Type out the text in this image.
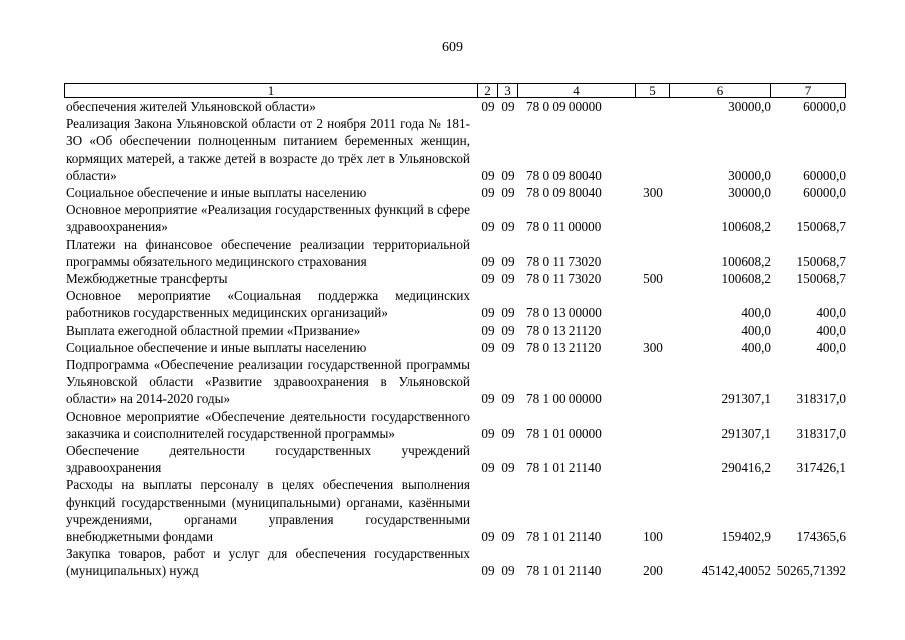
609
1	2	3	4	5	6	7
обеспечения жителей Ульяновской области»	09 09 78 0 09 00000	30000,0	60000,0
Реализация Закона Ульяновской области от 2 ноября 2011 года № 181-ЗО «Об обеспечении полноценным питанием беременных женщин, кормящих матерей, а также детей в возрасте до трёх лет в Ульяновской области»	09 09 78 0 09 80040	30000,0	60000,0
Социальное обеспечение и иные выплаты населению	09 09 78 0 09 80040	300	30000,0	60000,0
Основное мероприятие «Реализация государственных функций в сфере здравоохранения»	09 09 78 0 11 00000	100608,2	150068,7
Платежи на финансовое обеспечение реализации территориальной программы обязательного медицинского страхования	09 09 78 0 11 73020	100608,2	150068,7
Межбюджетные трансферты	09 09 78 0 11 73020	500	100608,2	150068,7
Основное мероприятие «Социальная поддержка медицинских работников государственных медицинских организаций»	09 09 78 0 13 00000	400,0	400,0
Выплата ежегодной областной премии «Призвание»	09 09 78 0 13 21120	400,0	400,0
Социальное обеспечение и иные выплаты населению	09 09 78 0 13 21120	300	400,0	400,0
Подпрограмма «Обеспечение реализации государственной программы Ульяновской области «Развитие здравоохранения в Ульяновской области» на 2014-2020 годы»	09 09 78 1 00 00000	291307,1	318317,0
Основное мероприятие «Обеспечение деятельности государственного заказчика и соисполнителей государственной программы»	09 09 78 1 01 00000	291307,1	318317,0
Обеспечение деятельности государственных учреждений здравоохранения	09 09 78 1 01 21140	290416,2	317426,1
Расходы на выплаты персоналу в целях обеспечения выполнения функций государственными (муниципальными) органами, казёнными учреждениями, органами управления государственными внебюджетными фондами	09 09 78 1 01 21140	100	159402,9	174365,6
Закупка товаров, работ и услуг для обеспечения государственных (муниципальных) нужд	09 09 78 1 01 21140	200	45142,40052 50265,71392
